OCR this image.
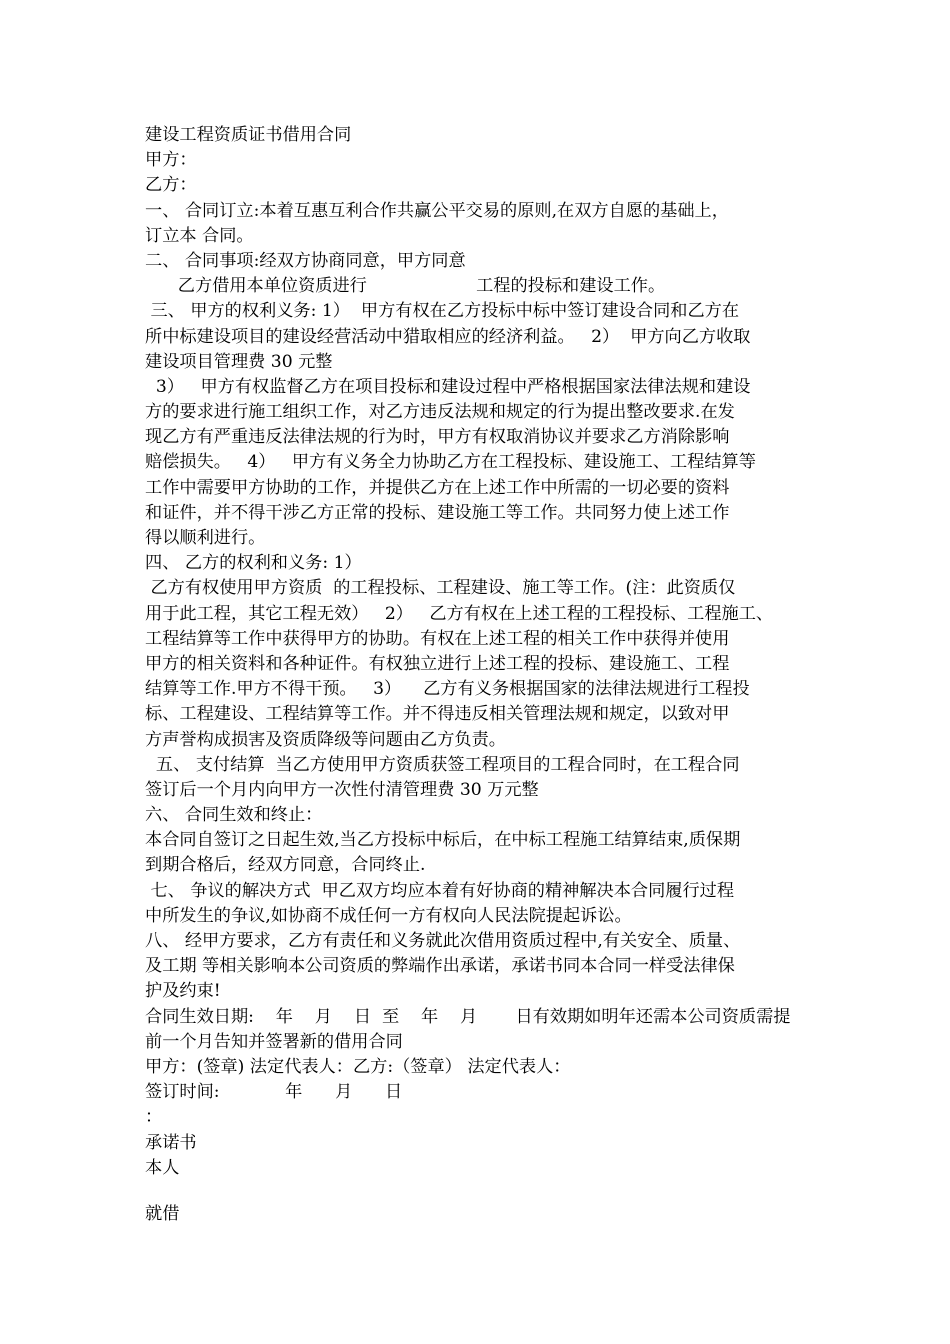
建设工程资质证书借用合同
甲方：
乙方：
一、 合同订立:本着互惠互利合作共赢公平交易的原则,在双方自愿的基础上，
订立本 合同。
二、 合同事项:经双方协商同意，甲方同意
乙方借用本单位资质进行                    工程的投标和建设工作。
三、 甲方的权利义务: 1）  甲方有权在乙方投标中标中签订建设合同和乙方在
所中标建设项目的建设经营活动中猎取相应的经济利益。   2）  甲方向乙方收取
建设项目管理费 30 元整
3）   甲方有权监督乙方在项目投标和建设过程中严格根据国家法律法规和建设
方的要求进行施工组织工作，对乙方违反法规和规定的行为提出整改要求.在发
现乙方有严重违反法律法规的行为时，甲方有权取消协议并要求乙方消除影响
赔偿损失。   4）   甲方有义务全力协助乙方在工程投标、建设施工、工程结算等
工作中需要甲方协助的工作，并提供乙方在上述工作中所需的一切必要的资料
和证件，并不得干涉乙方正常的投标、建设施工等工作。共同努力使上述工作
得以顺利进行。
四、 乙方的权利和义务: 1）
乙方有权使用甲方资质  的工程投标、工程建设、施工等工作。(注：此资质仅
用于此工程，其它工程无效）   2）   乙方有权在上述工程的工程投标、工程施工、
工程结算等工作中获得甲方的协助。有权在上述工程的相关工作中获得并使用
甲方的相关资料和各种证件。有权独立进行上述工程的投标、建设施工、工程
结算等工作.甲方不得干预。   3）    乙方有义务根据国家的法律法规进行工程投
标、工程建设、工程结算等工作。并不得违反相关管理法规和规定，以致对甲
方声誉构成损害及资质降级等问题由乙方负责。
五、 支付结算  当乙方使用甲方资质获签工程项目的工程合同时，在工程合同
签订后一个月内向甲方一次性付清管理费 30 万元整
六、 合同生效和终止：
本合同自签订之日起生效,当乙方投标中标后，在中标工程施工结算结束,质保期
到期合格后，经双方同意，合同终止.
七、 争议的解决方式  甲乙双方均应本着有好协商的精神解决本合同履行过程
中所发生的争议,如协商不成任何一方有权向人民法院提起诉讼。
八、 经甲方要求，乙方有责任和义务就此次借用资质过程中,有关安全、质量、
及工期 等相关影响本公司资质的弊端作出承诺，承诺书同本合同一样受法律保
护及约束!
合同生效日期:    年    月    日  至    年    月       日有效期如明年还需本公司资质需提
前一个月告知并签署新的借用合同
甲方：(签章) 法定代表人：乙方:（签章） 法定代表人：
签订时间:            年      月      日
：
承诺书
本人
就借
